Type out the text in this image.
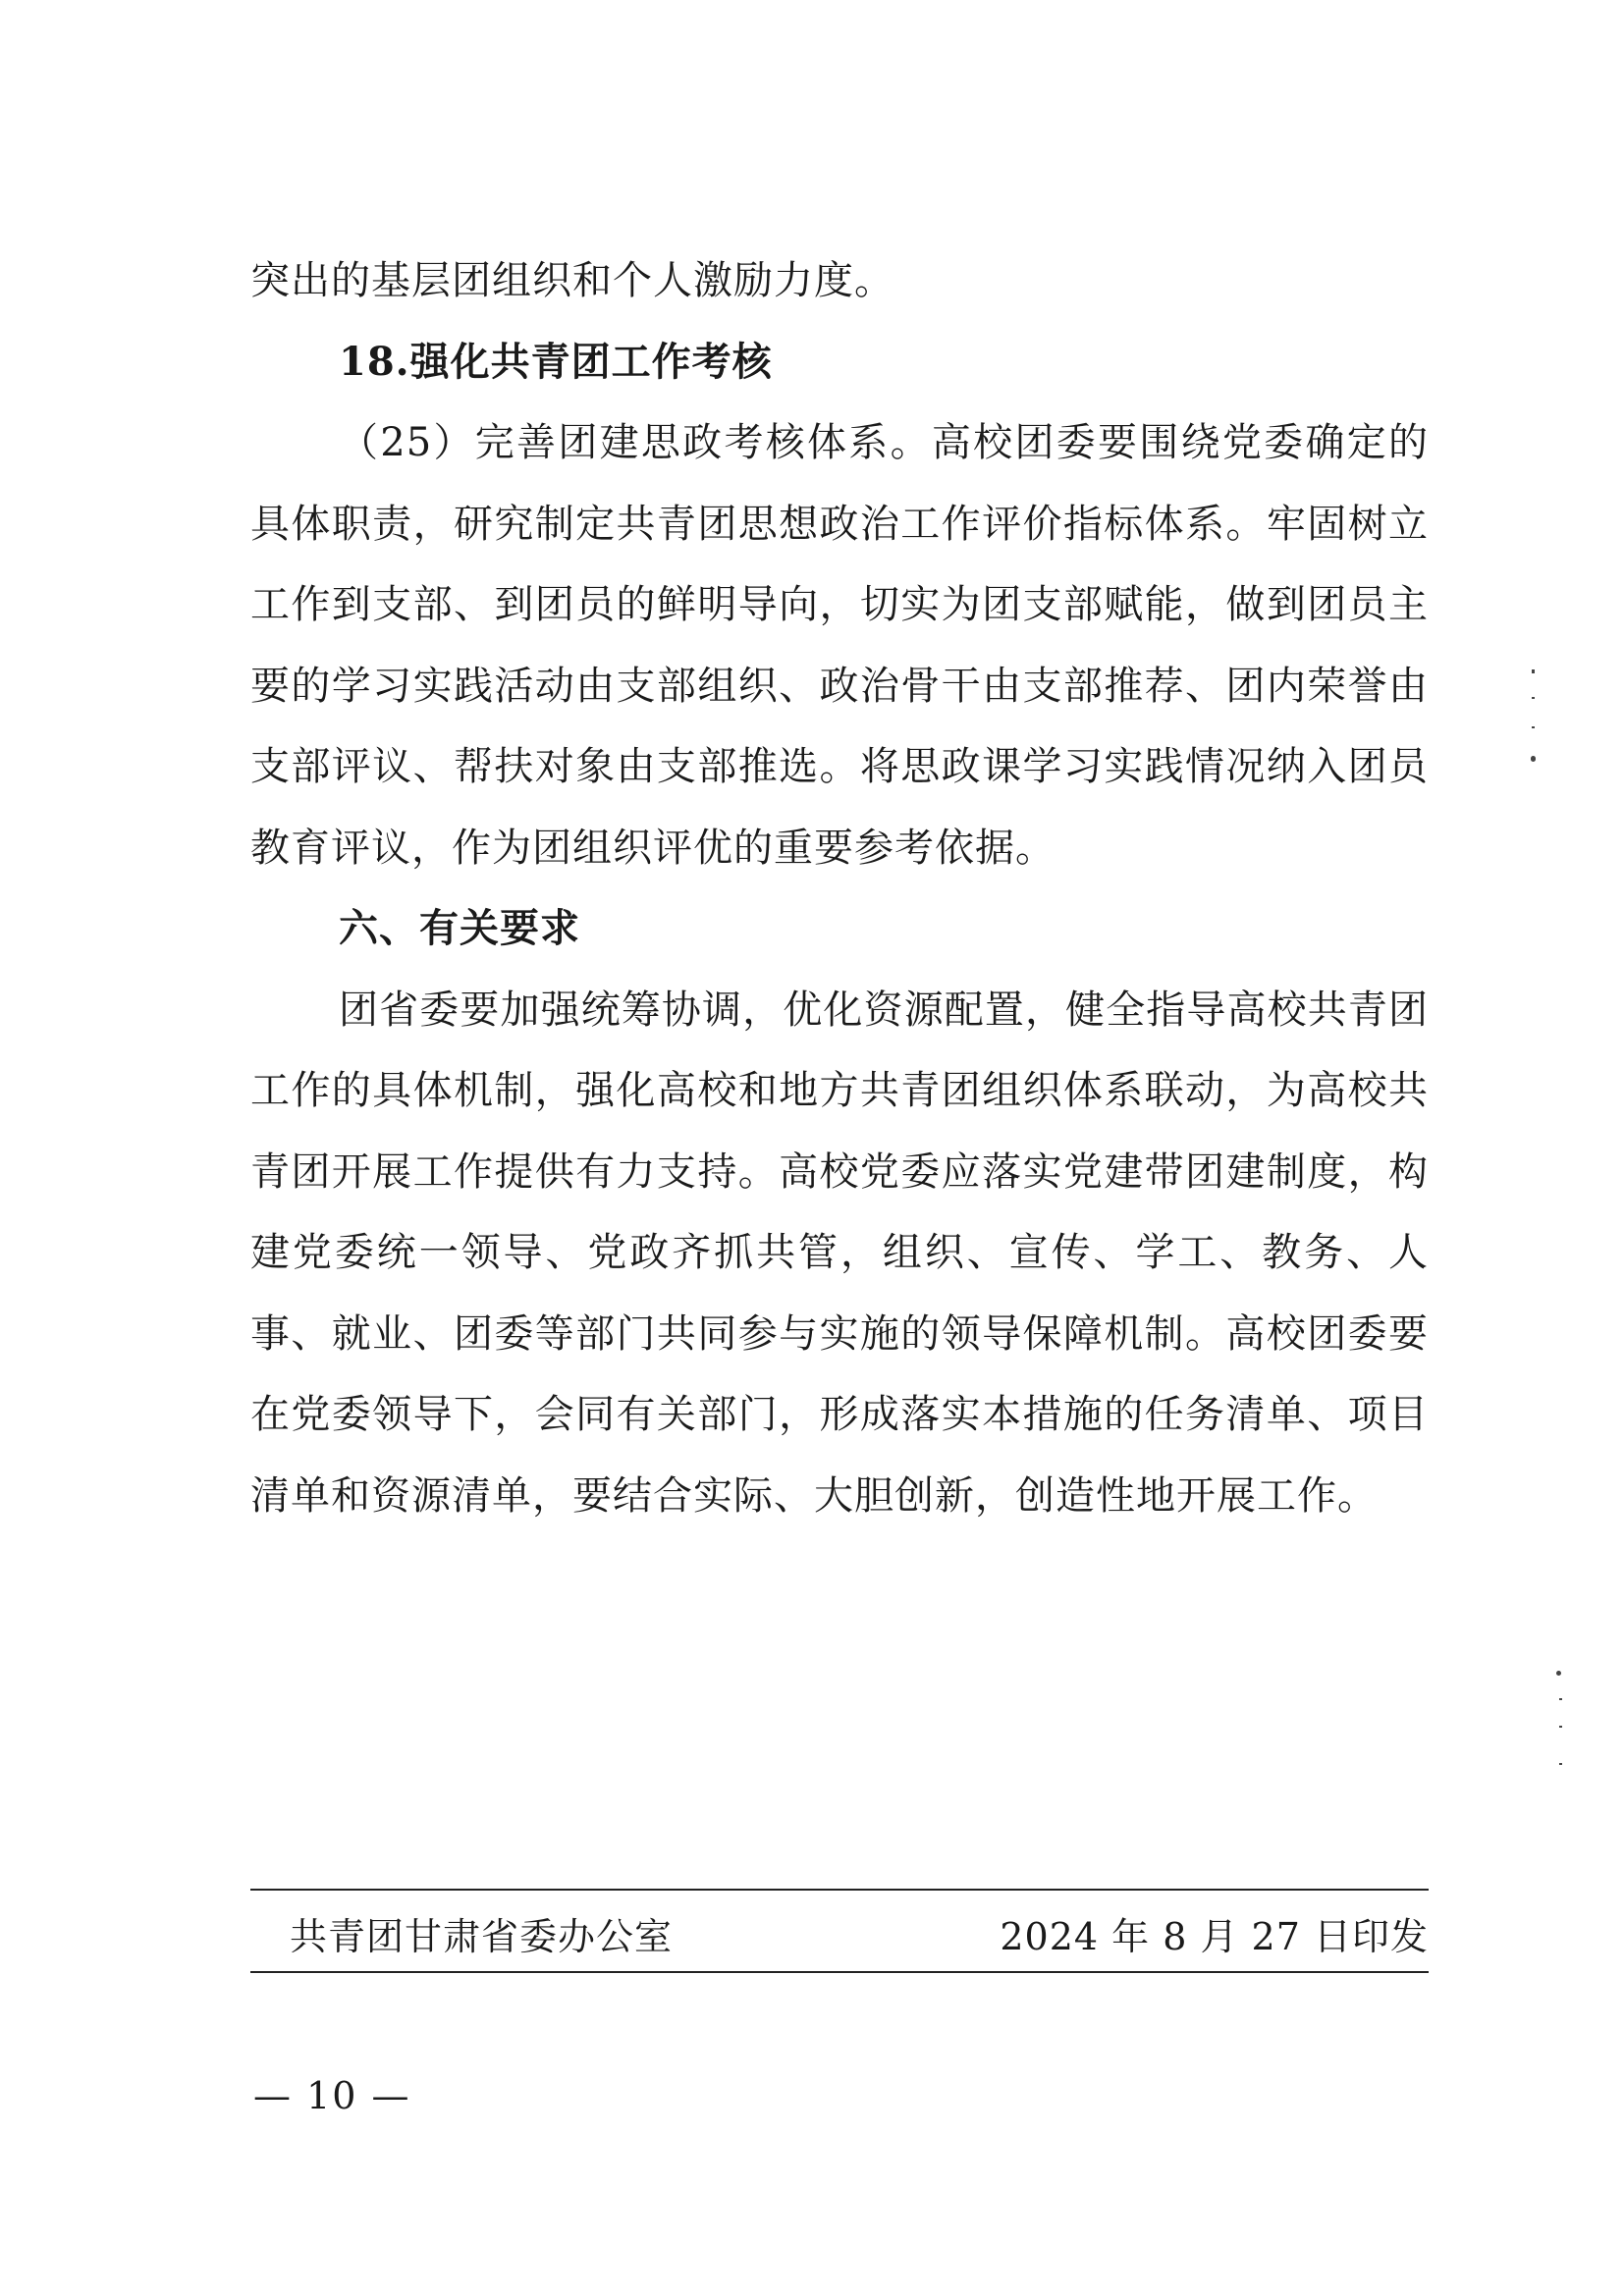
突出的基层团组织和个人激励力度。

18.强化共青团工作考核

（25）完善团建思政考核体系。高校团委要围绕党委确定的具体职责，研究制定共青团思想政治工作评价指标体系。牢固树立工作到支部、到团员的鲜明导向，切实为团支部赋能，做到团员主要的学习实践活动由支部组织、政治骨干由支部推荐、团内荣誉由支部评议、帮扶对象由支部推选。将思政课学习实践情况纳入团员教育评议，作为团组织评优的重要参考依据。

六、有关要求

团省委要加强统筹协调，优化资源配置，健全指导高校共青团工作的具体机制，强化高校和地方共青团组织体系联动，为高校共青团开展工作提供有力支持。高校党委应落实党建带团建制度，构建党委统一领导、党政齐抓共管，组织、宣传、学工、教务、人事、就业、团委等部门共同参与实施的领导保障机制。高校团委要在党委领导下，会同有关部门，形成落实本措施的任务清单、项目清单和资源清单，要结合实际、大胆创新，创造性地开展工作。

共青团甘肃省委办公室	2024 年 8 月 27 日印发
— 10 —
